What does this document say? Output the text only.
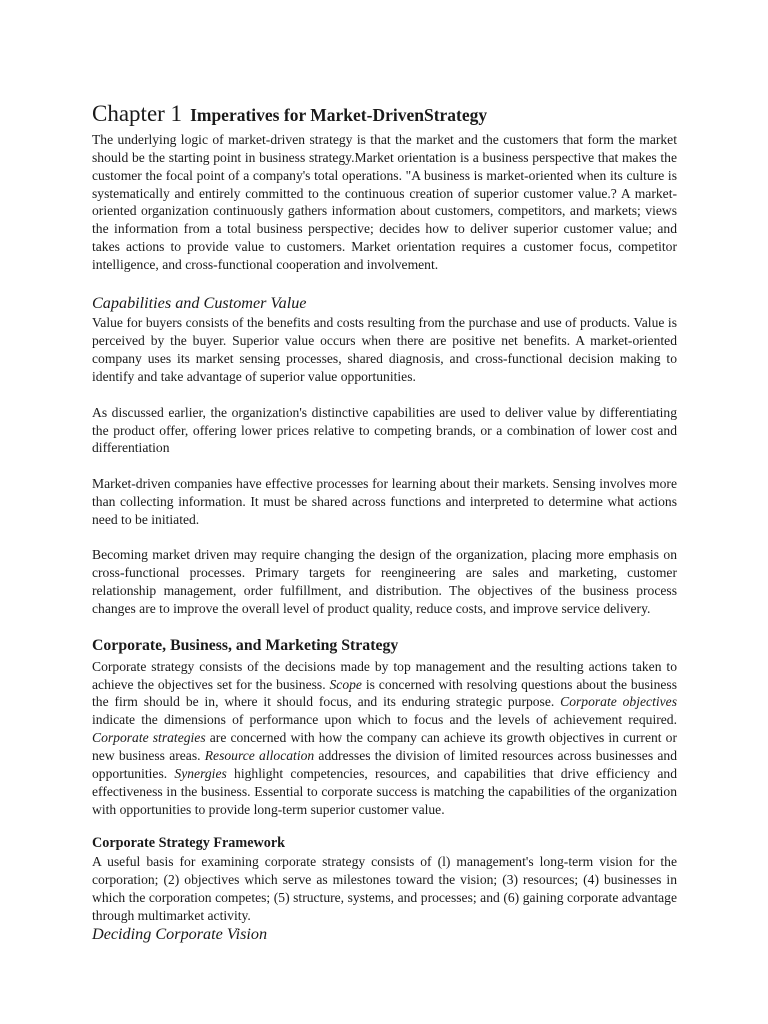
Chapter 1 Imperatives for Market-DrivenStrategy

The underlying logic of market-driven strategy is that the market and the customers that form the market should be the starting point in business strategy.Market orientation is a business perspective that makes the customer the focal point of a company's total operations. "A business is market-oriented when its culture is systematically and entirely committed to the continuous creation of superior customer value.? A market-oriented organization continuously gathers information about customers, competitors, and markets; views the information from a total business perspective; decides how to deliver superior customer value; and takes actions to provide value to customers. Market orientation requires a customer focus, competitor intelligence, and cross-functional cooperation and involvement.

Capabilities and Customer Value

Value for buyers consists of the benefits and costs resulting from the purchase and use of products. Value is perceived by the buyer. Superior value occurs when there are positive net benefits. A market-oriented company uses its market sensing processes, shared diagnosis, and cross-functional decision making to identify and take advantage of superior value opportunities.

As discussed earlier, the organization's distinctive capabilities are used to deliver value by differentiating the product offer, offering lower prices relative to competing brands, or a combination of lower cost and differentiation

Market-driven companies have effective processes for learning about their markets. Sensing involves more than collecting information. It must be shared across functions and interpreted to determine what actions need to be initiated.

Becoming market driven may require changing the design of the organization, placing more emphasis on cross-functional processes. Primary targets for reengineering are sales and marketing, customer relationship management, order fulfillment, and distribution. The objectives of the business process changes are to improve the overall level of product quality, reduce costs, and improve service delivery.

Corporate, Business, and Marketing Strategy

Corporate strategy consists of the decisions made by top management and the resulting actions taken to achieve the objectives set for the business. Scope is concerned with resolving questions about the business the firm should be in, where it should focus, and its enduring strategic purpose. Corporate objectives indicate the dimensions of performance upon which to focus and the levels of achievement required. Corporate strategies are concerned with how the company can achieve its growth objectives in current or new business areas. Resource allocation addresses the division of limited resources across businesses and opportunities. Synergies highlight competencies, resources, and capabilities that drive efficiency and effectiveness in the business. Essential to corporate success is matching the capabilities of the organization with opportunities to provide long-term superior customer value.

Corporate Strategy Framework

A useful basis for examining corporate strategy consists of (l) management's long-term vision for the corporation; (2) objectives which serve as milestones toward the vision; (3) resources; (4) businesses in which the corporation competes; (5) structure, systems, and processes; and (6) gaining corporate advantage through multimarket activity.

Deciding Corporate Vision
